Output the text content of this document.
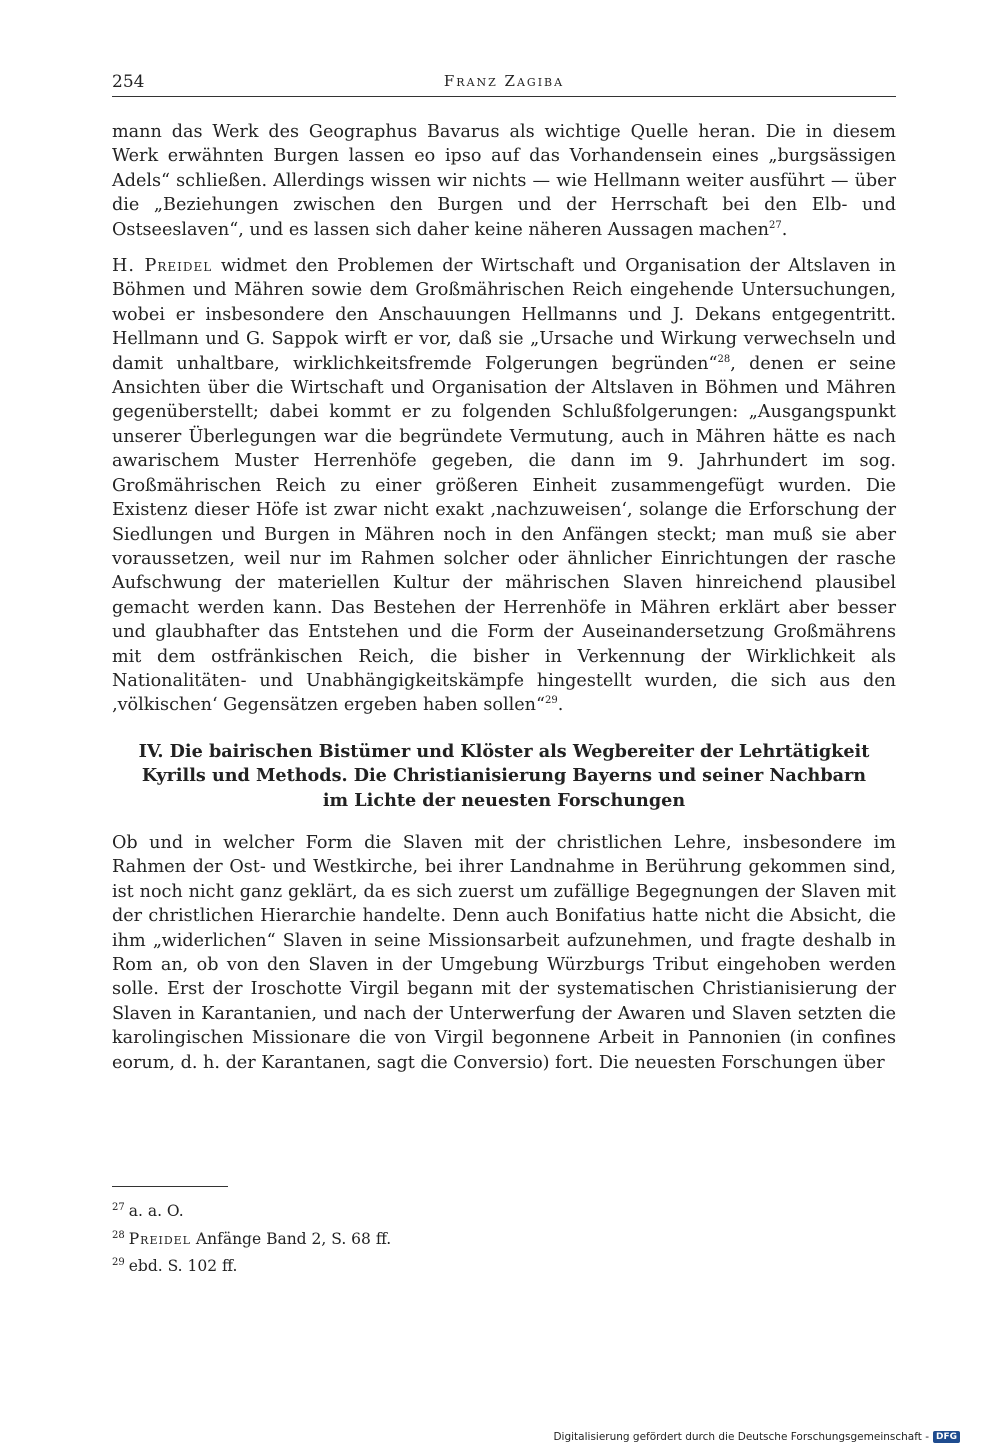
254	Franz Zagiba

mann das Werk des Geographus Bavarus als wichtige Quelle heran. Die in diesem Werk erwähnten Burgen lassen eo ipso auf das Vorhandensein eines „burgsässigen Adels“ schließen. Allerdings wissen wir nichts — wie Hellmann weiter ausführt — über die „Beziehungen zwischen den Burgen und der Herrschaft bei den Elb- und Ostseeslaven“, und es lassen sich daher keine näheren Aussagen machen$^{27}$.

H. Preidel widmet den Problemen der Wirtschaft und Organisation der Altslaven in Böhmen und Mähren sowie dem Großmährischen Reich eingehende Untersuchungen, wobei er insbesondere den Anschauungen Hellmanns und J. Dekans entgegentritt. Hellmann und G. Sappok wirft er vor, daß sie „Ursache und Wirkung verwechseln und damit unhaltbare, wirklichkeitsfremde Folgerungen begründen“$^{28}$, denen er seine Ansichten über die Wirtschaft und Organisation der Altslaven in Böhmen und Mähren gegenüberstellt; dabei kommt er zu folgenden Schlußfolgerungen: „Ausgangspunkt unserer Überlegungen war die begründete Vermutung, auch in Mähren hätte es nach awarischem Muster Herrenhöfe gegeben, die dann im 9. Jahrhundert im sog. Großmährischen Reich zu einer größeren Einheit zusammengefügt wurden. Die Existenz dieser Höfe ist zwar nicht exakt ‚nachzuweisen‘, solange die Erforschung der Siedlungen und Burgen in Mähren noch in den Anfängen steckt; man muß sie aber voraussetzen, weil nur im Rahmen solcher oder ähnlicher Einrichtungen der rasche Aufschwung der materiellen Kultur der mährischen Slaven hinreichend plausibel gemacht werden kann. Das Bestehen der Herrenhöfe in Mähren erklärt aber besser und glaubhafter das Entstehen und die Form der Auseinandersetzung Großmährens mit dem ostfränkischen Reich, die bisher in Verkennung der Wirklichkeit als Nationalitäten- und Unabhängigkeitskämpfe hingestellt wurden, die sich aus den ‚völkischen‘ Gegensätzen ergeben haben sollen“$^{29}$.

IV. Die bairischen Bistümer und Klöster als Wegbereiter der Lehrtätigkeit
Kyrills und Methods. Die Christianisierung Bayerns und seiner Nachbarn
im Lichte der neuesten Forschungen

Ob und in welcher Form die Slaven mit der christlichen Lehre, insbesondere im Rahmen der Ost- und Westkirche, bei ihrer Landnahme in Berührung gekommen sind, ist noch nicht ganz geklärt, da es sich zuerst um zufällige Begegnungen der Slaven mit der christlichen Hierarchie handelte. Denn auch Bonifatius hatte nicht die Absicht, die ihm „widerlichen“ Slaven in seine Missionsarbeit aufzunehmen, und fragte deshalb in Rom an, ob von den Slaven in der Umgebung Würzburgs Tribut eingehoben werden solle. Erst der Iroschotte Virgil begann mit der systematischen Christianisierung der Slaven in Karantanien, und nach der Unterwerfung der Awaren und Slaven setzten die karolingischen Missionare die von Virgil begonnene Arbeit in Pannonien (in confines eorum, d. h. der Karantanen, sagt die Conversio) fort. Die neuesten Forschungen über

$^{27}$ a. a. O.

$^{28}$ Preidel Anfänge Band 2, S. 68 ff.

$^{29}$ ebd. S. 102 ff.

Digitalisierung gefördert durch die Deutsche Forschungsgemeinschaft - DFG
